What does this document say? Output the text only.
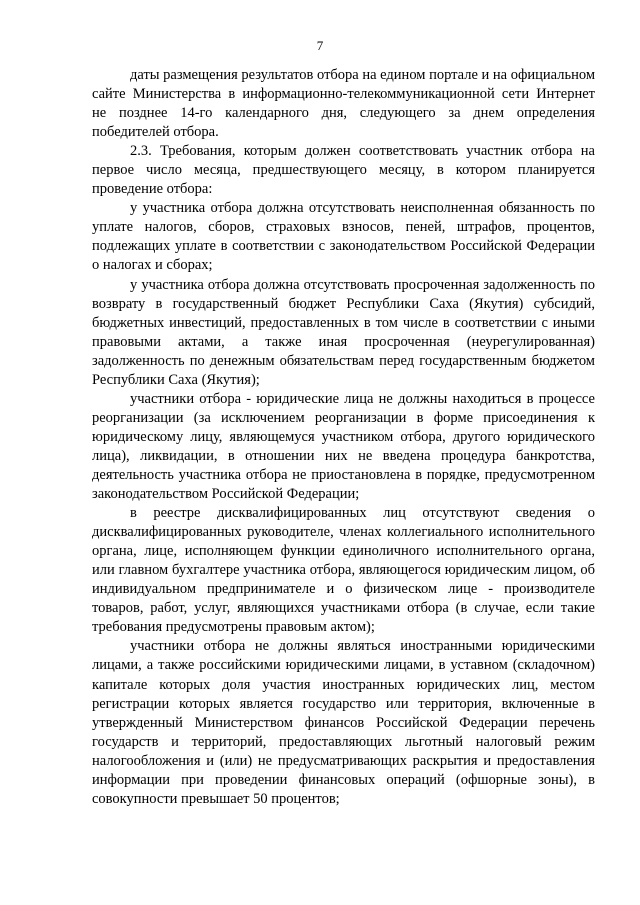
7

даты размещения результатов отбора на едином портале и на официальном сайте Министерства в информационно-телекоммуникационной сети Интернет не позднее 14-го календарного дня, следующего за днем определения победителей отбора.

2.3. Требования, которым должен соответствовать участник отбора на первое число месяца, предшествующего месяцу, в котором планируется проведение отбора:

у участника отбора должна отсутствовать неисполненная обязанность по уплате налогов, сборов, страховых взносов, пеней, штрафов, процентов, подлежащих уплате в соответствии с законодательством Российской Федерации о налогах и сборах;

у участника отбора должна отсутствовать просроченная задолженность по возврату в государственный бюджет Республики Саха (Якутия) субсидий, бюджетных инвестиций, предоставленных в том числе в соответствии с иными правовыми актами, а также иная просроченная (неурегулированная) задолженность по денежным обязательствам перед государственным бюджетом Республики Саха (Якутия);

участники отбора - юридические лица не должны находиться в процессе реорганизации (за исключением реорганизации в форме присоединения к юридическому лицу, являющемуся участником отбора, другого юридического лица), ликвидации, в отношении них не введена процедура банкротства, деятельность участника отбора не приостановлена в порядке, предусмотренном законодательством Российской Федерации;

в реестре дисквалифицированных лиц отсутствуют сведения о дисквалифицированных руководителе, членах коллегиального исполнительного органа, лице, исполняющем функции единоличного исполнительного органа, или главном бухгалтере участника отбора, являющегося юридическим лицом, об индивидуальном предпринимателе и о физическом лице - производителе товаров, работ, услуг, являющихся участниками отбора (в случае, если такие требования предусмотрены правовым актом);

участники отбора не должны являться иностранными юридическими лицами, а также российскими юридическими лицами, в уставном (складочном) капитале которых доля участия иностранных юридических лиц, местом регистрации которых является государство или территория, включенные в утвержденный Министерством финансов Российской Федерации перечень государств и территорий, предоставляющих льготный налоговый режим налогообложения и (или) не предусматривающих раскрытия и предоставления информации при проведении финансовых операций (офшорные зоны), в совокупности превышает 50 процентов;
